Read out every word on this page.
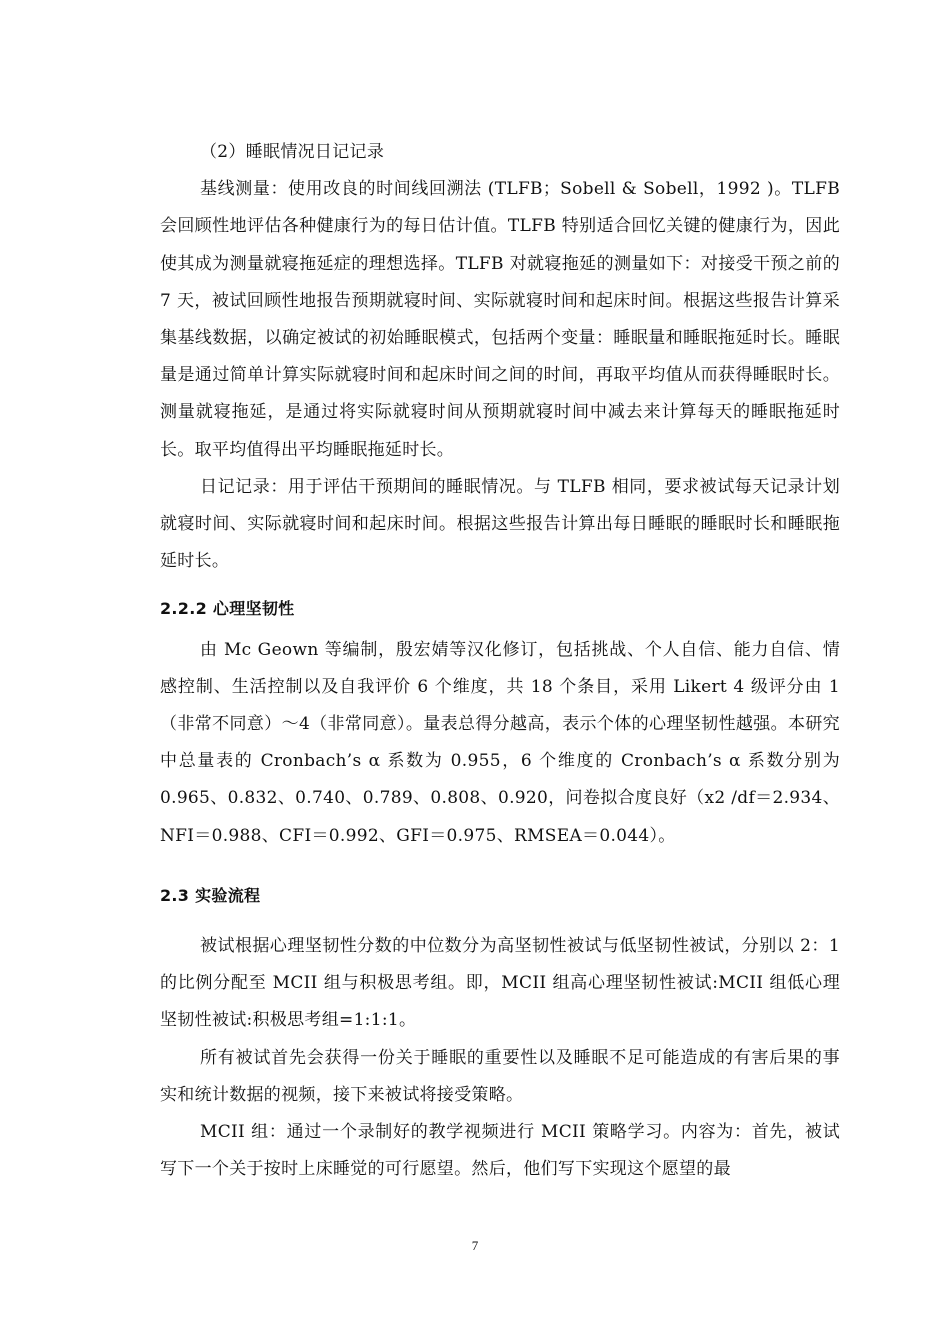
（2）睡眠情况日记记录

基线测量：使用改良的时间线回溯法 (TLFB；Sobell & Sobell，1992 )。TLFB会回顾性地评估各种健康行为的每日估计值。TLFB 特别适合回忆关键的健康行为，因此使其成为测量就寝拖延症的理想选择。TLFB 对就寝拖延的测量如下：对接受干预之前的 7 天，被试回顾性地报告预期就寝时间、实际就寝时间和起床时间。根据这些报告计算采集基线数据，以确定被试的初始睡眠模式，包括两个变量：睡眠量和睡眠拖延时长。睡眠量是通过简单计算实际就寝时间和起床时间之间的时间，再取平均值从而获得睡眠时长。测量就寝拖延，是通过将实际就寝时间从预期就寝时间中减去来计算每天的睡眠拖延时长。取平均值得出平均睡眠拖延时长。

日记记录：用于评估干预期间的睡眠情况。与 TLFB 相同，要求被试每天记录计划就寝时间、实际就寝时间和起床时间。根据这些报告计算出每日睡眠的睡眠时长和睡眠拖延时长。

2.2.2 心理坚韧性

由 Mc Geown 等编制，殷宏婧等汉化修订，包括挑战、个人自信、能力自信、情感控制、生活控制以及自我评价 6 个维度，共 18 个条目，采用 Likert 4 级评分由 1（非常不同意）～4（非常同意）。量表总得分越高，表示个体的心理坚韧性越强。本研究中总量表的 Cronbach’s α 系数为 0.955，6 个维度的 Cronbach’s α 系数分别为 0.965、0.832、0.740、0.789、0.808、0.920，问卷拟合度良好（x2 /df＝2.934、NFI＝0.988、CFI＝0.992、GFI＝0.975、RMSEA＝0.044）。

2.3 实验流程

被试根据心理坚韧性分数的中位数分为高坚韧性被试与低坚韧性被试，分别以 2：1 的比例分配至 MCII 组与积极思考组。即，MCII 组高心理坚韧性被试:MCII 组低心理坚韧性被试:积极思考组=1:1:1。

所有被试首先会获得一份关于睡眠的重要性以及睡眠不足可能造成的有害后果的事实和统计数据的视频，接下来被试将接受策略。

MCII 组：通过一个录制好的教学视频进行 MCII 策略学习。内容为：首先，被试写下一个关于按时上床睡觉的可行愿望。然后，他们写下实现这个愿望的最

7
